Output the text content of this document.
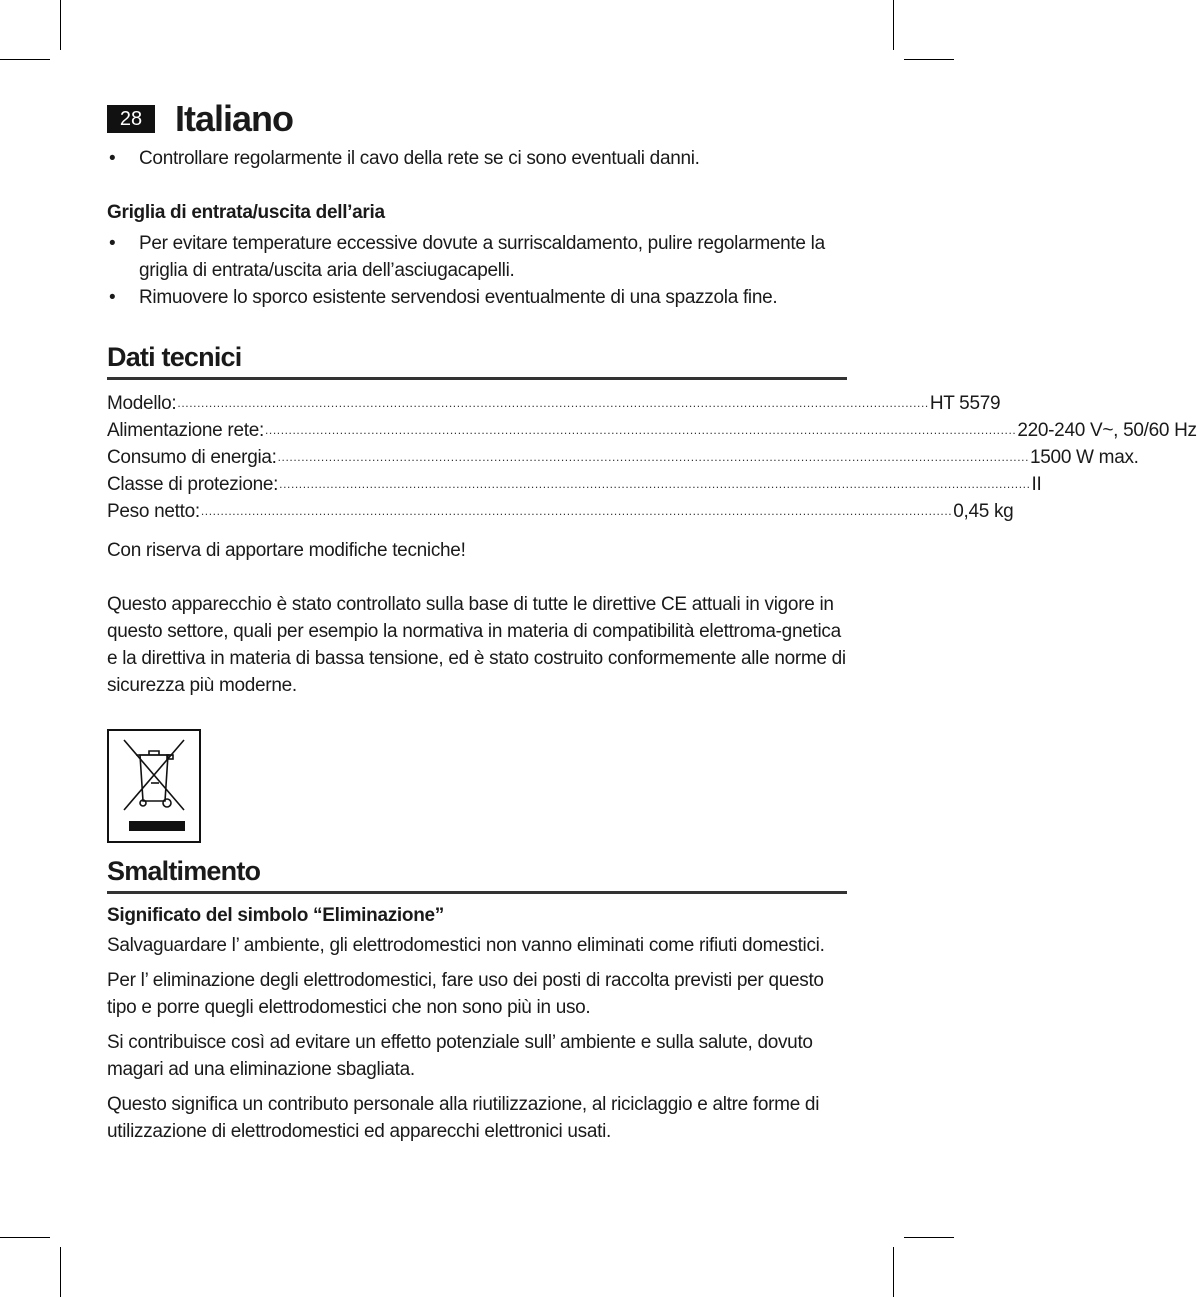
28 Italiano
• Controllare regolarmente il cavo della rete se ci sono eventuali danni.
Griglia di entrata/uscita dell’aria
• Per evitare temperature eccessive dovute a surriscaldamento, pulire regolarmente la griglia di entrata/uscita aria dell’asciugacapelli.
• Rimuovere lo sporco esistente servendosi eventualmente di una spazzola fine.
Dati tecnici
Modello: ............................................................................................................................................................................................... HT 5579
Alimentazione rete: ............................................................................................................................................................................................... 220-240 V~, 50/60 Hz
Consumo di energia: ............................................................................................................................................................................................... 1500 W max.
Classe di protezione: ............................................................................................................................................................................................... II
Peso netto: ............................................................................................................................................................................................... 0,45 kg
Con riserva di apportare modifiche tecniche!
Questo apparecchio è stato controllato sulla base di tutte le direttive CE attuali in vigore in questo settore, quali per esempio la normativa in materia di compatibilità elettroma-gnetica e la direttiva in materia di bassa tensione, ed è stato costruito conformemente alle norme di sicurezza più moderne.
Smaltimento
Significato del simbolo “Eliminazione”
Salvaguardare l’ ambiente, gli elettrodomestici non vanno eliminati come rifiuti domestici.
Per l’ eliminazione degli elettrodomestici, fare uso dei posti di raccolta previsti per questo tipo e porre quegli elettrodomestici che non sono più in uso.
Si contribuisce così ad evitare un effetto potenziale sull’ ambiente e sulla salute, dovuto magari ad una eliminazione sbagliata.
Questo significa un contributo personale alla riutilizzazione, al riciclaggio e altre forme di utilizzazione di elettrodomestici ed apparecchi elettronici usati.
